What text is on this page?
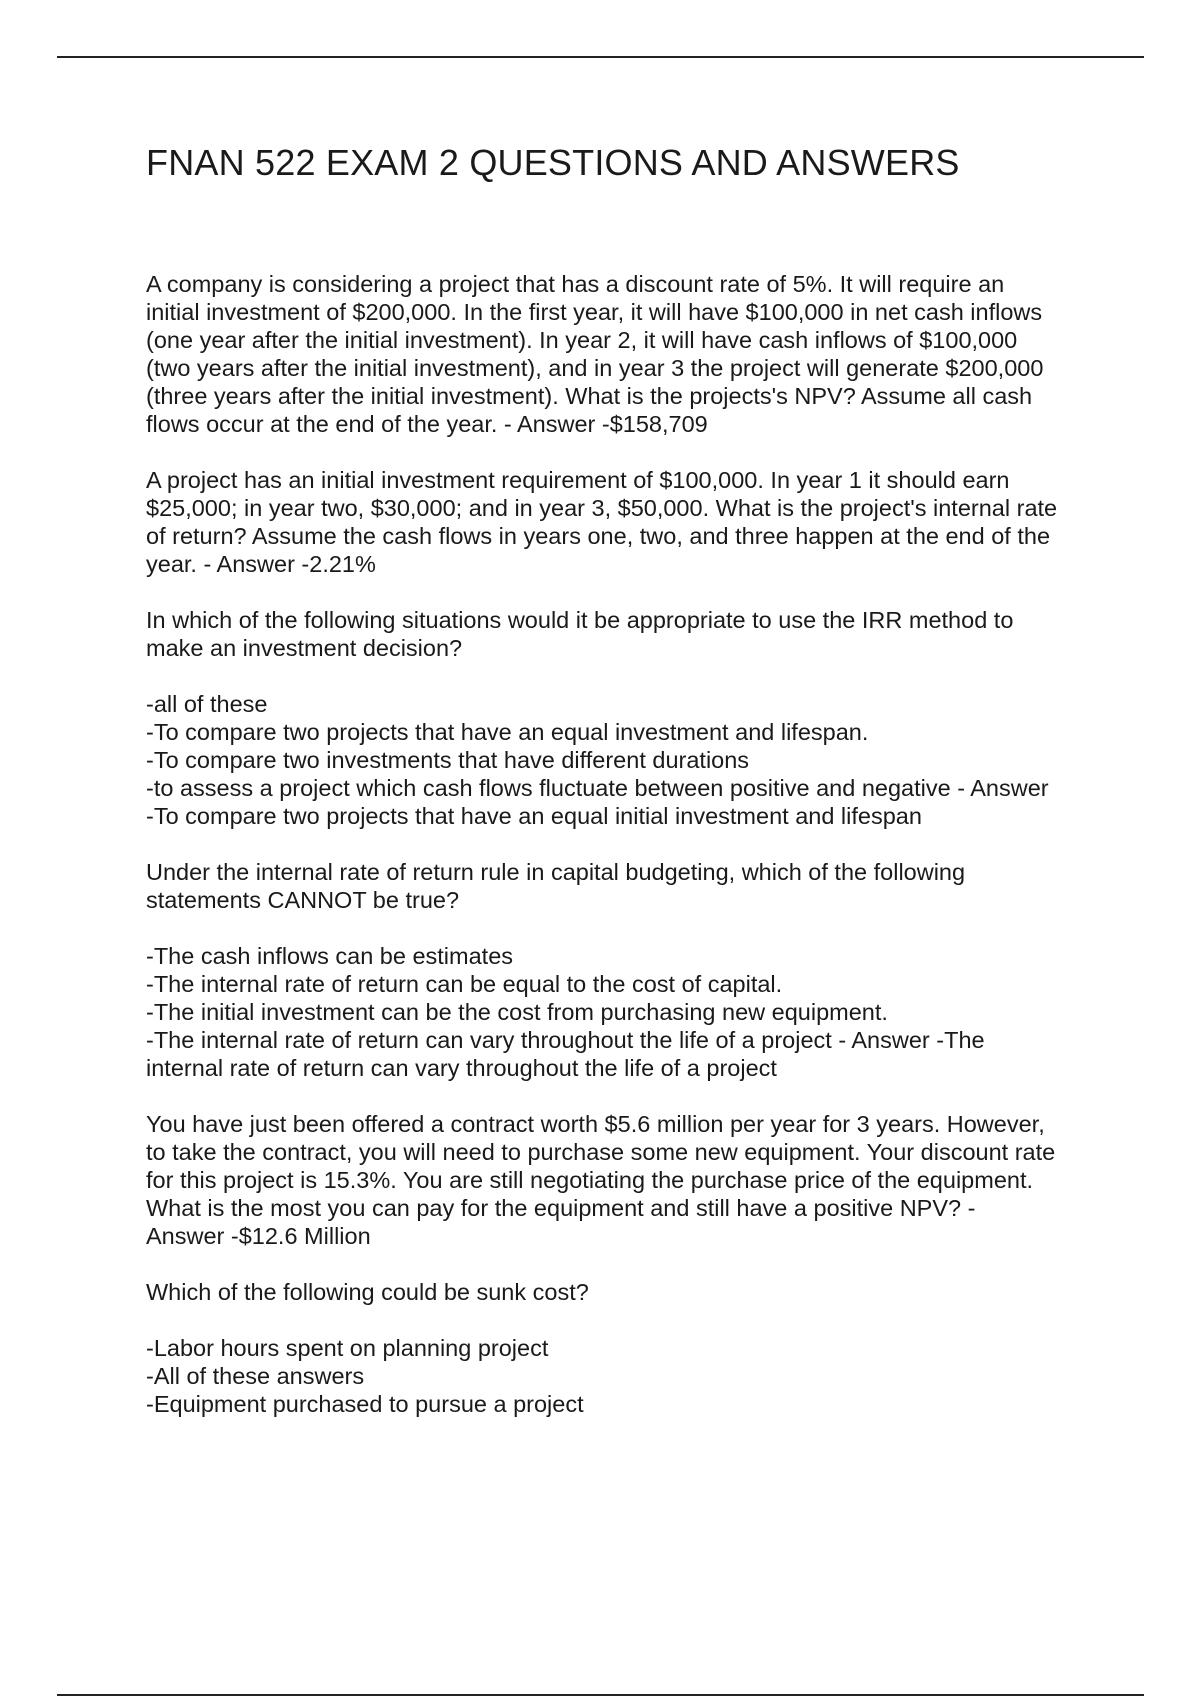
FNAN 522 EXAM 2 QUESTIONS AND ANSWERS

A company is considering a project that has a discount rate of 5%. It will require an
initial investment of $200,000. In the first year, it will have $100,000 in net cash inflows
(one year after the initial investment). In year 2, it will have cash inflows of $100,000
(two years after the initial investment), and in year 3 the project will generate $200,000
(three years after the initial investment). What is the projects's NPV? Assume all cash
flows occur at the end of the year. - Answer -$158,709

A project has an initial investment requirement of $100,000. In year 1 it should earn
$25,000; in year two, $30,000; and in year 3, $50,000. What is the project's internal rate
of return? Assume the cash flows in years one, two, and three happen at the end of the
year. - Answer -2.21%

In which of the following situations would it be appropriate to use the IRR method to
make an investment decision?

-all of these
-To compare two projects that have an equal investment and lifespan.
-To compare two investments that have different durations
-to assess a project which cash flows fluctuate between positive and negative - Answer
-To compare two projects that have an equal initial investment and lifespan

Under the internal rate of return rule in capital budgeting, which of the following
statements CANNOT be true?

-The cash inflows can be estimates
-The internal rate of return can be equal to the cost of capital.
-The initial investment can be the cost from purchasing new equipment.
-The internal rate of return can vary throughout the life of a project - Answer -The
internal rate of return can vary throughout the life of a project

You have just been offered a contract worth $5.6 million per year for 3 years. However,
to take the contract, you will need to purchase some new equipment. Your discount rate
for this project is 15.3%. You are still negotiating the purchase price of the equipment.
What is the most you can pay for the equipment and still have a positive NPV? -
Answer -$12.6 Million

Which of the following could be sunk cost?

-Labor hours spent on planning project
-All of these answers
-Equipment purchased to pursue a project
